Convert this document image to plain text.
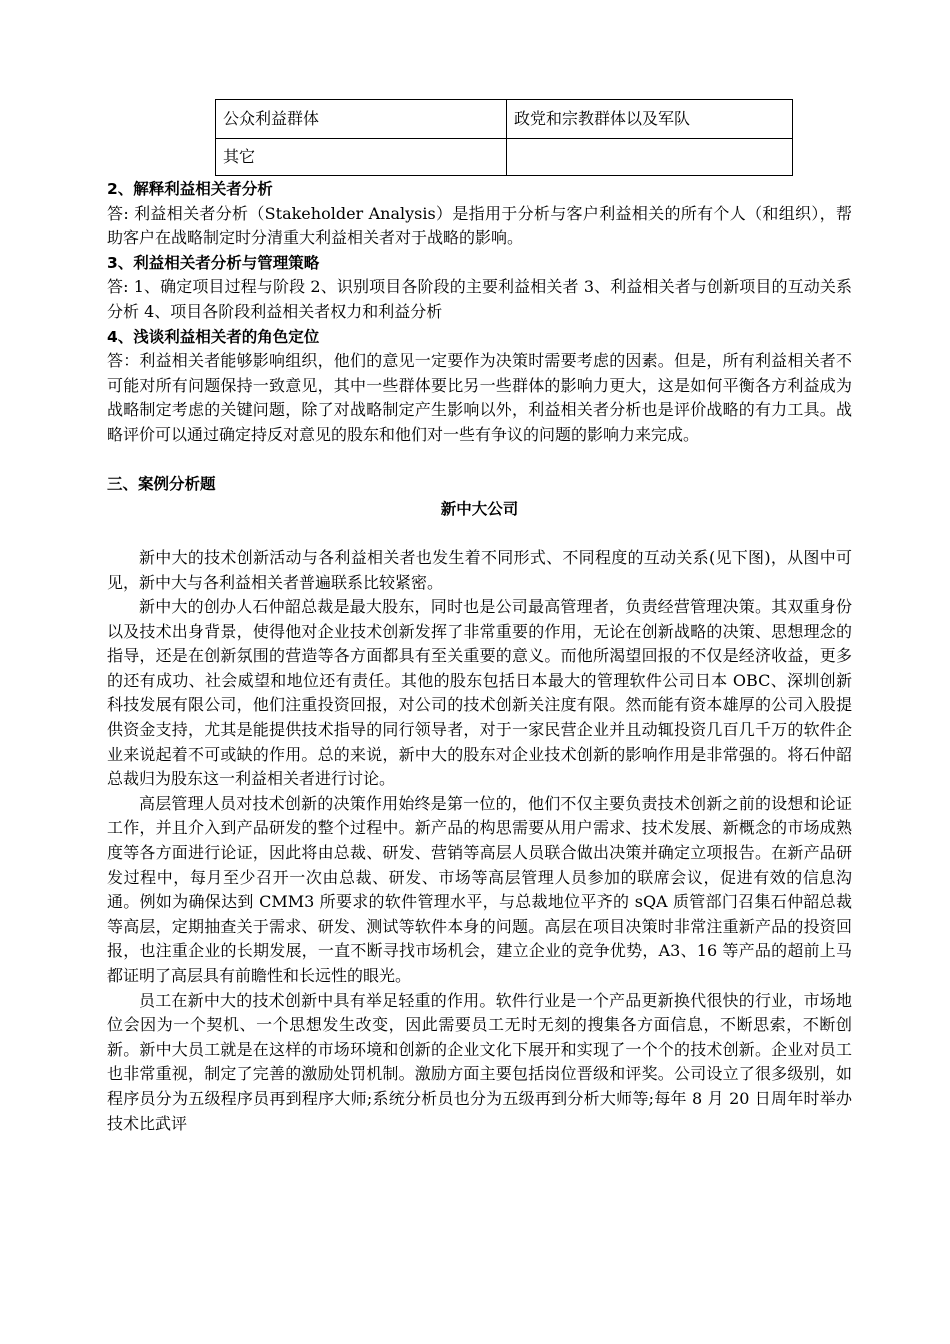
公众利益群体	政党和宗教群体以及军队
其它	

2、解释利益相关者分析

答: 利益相关者分析（Stakeholder Analysis）是指用于分析与客户利益相关的所有个人（和组织），帮助客户在战略制定时分清重大利益相关者对于战略的影响。

3、利益相关者分析与管理策略

答: 1、确定项目过程与阶段 2、识别项目各阶段的主要利益相关者 3、利益相关者与创新项目的互动关系分析 4、项目各阶段利益相关者权力和利益分析

4、浅谈利益相关者的角色定位

答：利益相关者能够影响组织，他们的意见一定要作为决策时需要考虑的因素。但是，所有利益相关者不可能对所有问题保持一致意见，其中一些群体要比另一些群体的影响力更大，这是如何平衡各方利益成为战略制定考虑的关键问题，除了对战略制定产生影响以外，利益相关者分析也是评价战略的有力工具。战略评价可以通过确定持反对意见的股东和他们对一些有争议的问题的影响力来完成。

三、案例分析题

新中大公司

新中大的技术创新活动与各利益相关者也发生着不同形式、不同程度的互动关系(见下图)，从图中可见，新中大与各利益相关者普遍联系比较紧密。

新中大的创办人石仲韶总裁是最大股东，同时也是公司最高管理者，负责经营管理决策。其双重身份以及技术出身背景，使得他对企业技术创新发挥了非常重要的作用，无论在创新战略的决策、思想理念的指导，还是在创新氛围的营造等各方面都具有至关重要的意义。而他所渴望回报的不仅是经济收益，更多的还有成功、社会威望和地位还有责任。其他的股东包括日本最大的管理软件公司日本 OBC、深圳创新科技发展有限公司，他们注重投资回报，对公司的技术创新关注度有限。然而能有资本雄厚的公司入股提供资金支持，尤其是能提供技术指导的同行领导者，对于一家民营企业并且动辄投资几百几千万的软件企业来说起着不可或缺的作用。总的来说，新中大的股东对企业技术创新的影响作用是非常强的。将石仲韶总裁归为股东这一利益相关者进行讨论。

高层管理人员对技术创新的决策作用始终是第一位的，他们不仅主要负责技术创新之前的设想和论证工作，并且介入到产品研发的整个过程中。新产品的构思需要从用户需求、技术发展、新概念的市场成熟度等各方面进行论证，因此将由总裁、研发、营销等高层人员联合做出决策并确定立项报告。在新产品研发过程中，每月至少召开一次由总裁、研发、市场等高层管理人员参加的联席会议，促进有效的信息沟通。例如为确保达到 CMM3 所要求的软件管理水平，与总裁地位平齐的 sQA 质管部门召集石仲韶总裁等高层，定期抽查关于需求、研发、测试等软件本身的问题。高层在项目决策时非常注重新产品的投资回报，也注重企业的长期发展，一直不断寻找市场机会，建立企业的竞争优势，A3、16 等产品的超前上马都证明了高层具有前瞻性和长远性的眼光。

员工在新中大的技术创新中具有举足轻重的作用。软件行业是一个产品更新换代很快的行业，市场地位会因为一个契机、一个思想发生改变，因此需要员工无时无刻的搜集各方面信息，不断思索，不断创新。新中大员工就是在这样的市场环境和创新的企业文化下展开和实现了一个个的技术创新。企业对员工也非常重视，制定了完善的激励处罚机制。激励方面主要包括岗位晋级和评奖。公司设立了很多级别，如程序员分为五级程序员再到程序大师;系统分析员也分为五级再到分析大师等;每年 8 月 20 日周年时举办技术比武评
